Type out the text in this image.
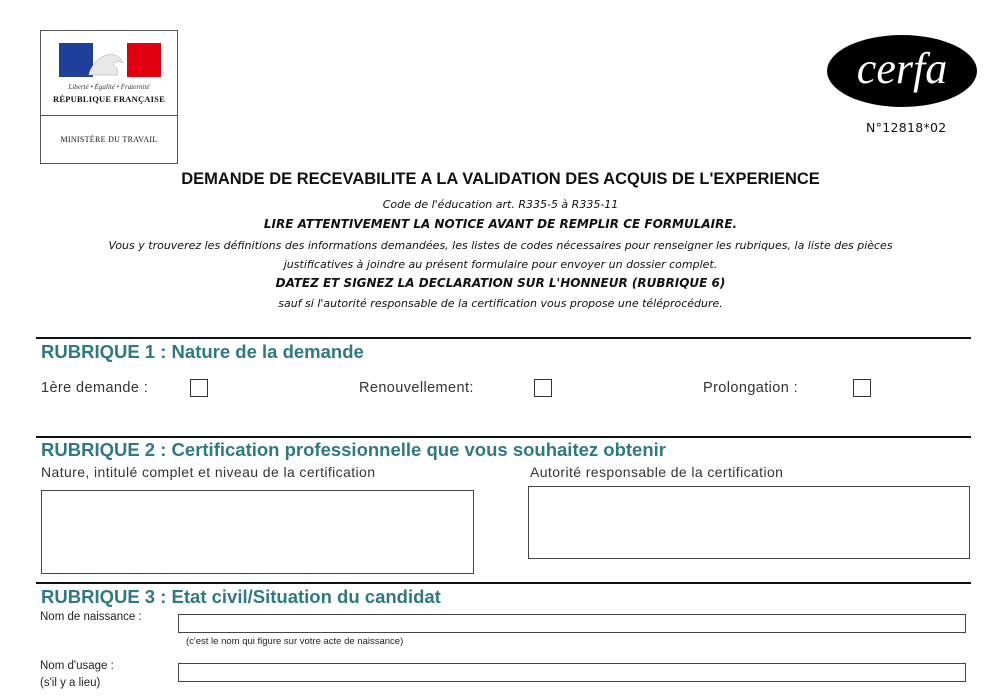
Liberté • Égalité • Fraternité
RÉPUBLIQUE FRANÇAISE
MINISTÈRE DU TRAVAIL
cerfa
N°12818*02
DEMANDE DE RECEVABILITE A LA VALIDATION DES ACQUIS DE L'EXPERIENCE
Code de l'éducation art. R335-5 à R335-11
LIRE ATTENTIVEMENT LA NOTICE AVANT DE REMPLIR CE FORMULAIRE.
Vous y trouverez les définitions des informations demandées, les listes de codes nécessaires pour renseigner les rubriques, la liste des pièces
justificatives à joindre au présent formulaire pour envoyer un dossier complet.
DATEZ ET SIGNEZ LA DECLARATION SUR L'HONNEUR (RUBRIQUE 6)
sauf si l'autorité responsable de la certification vous propose une téléprocédure.
RUBRIQUE 1 : Nature de la demande
1ère demande :	Renouvellement:	Prolongation :
RUBRIQUE 2 : Certification professionnelle que vous souhaitez obtenir
Nature, intitulé complet et niveau de la certification	Autorité responsable de la certification
RUBRIQUE 3 : Etat civil/Situation du candidat
Nom de naissance :
(c'est le nom qui figure sur votre acte de naissance)
Nom d'usage :
(s'il y a lieu)
